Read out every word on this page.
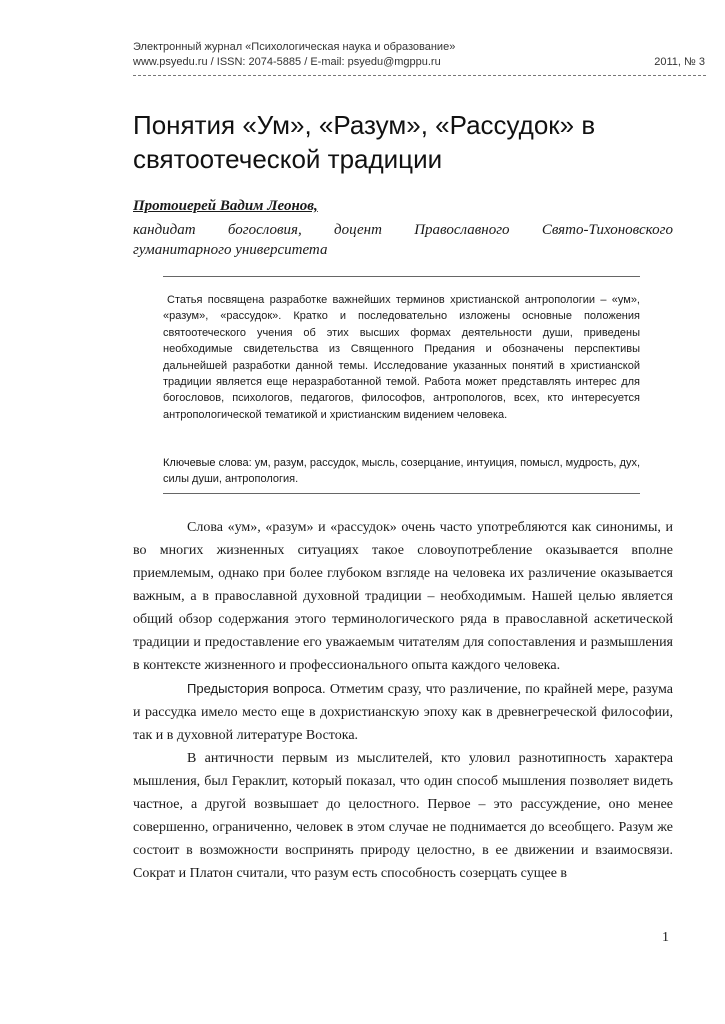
Электронный журнал «Психологическая наука и образование»
www.psyedu.ru / ISSN: 2074-5885 / E-mail: psyedu@mgppu.ru	2011, № 3
Понятия «Ум», «Разум», «Рассудок» в
святоотеческой традиции

Протоиерей Вадим Леонов,

кандидат богословия, доцент Православного Свято-Тихоновского
гуманитарного университета

Статья посвящена разработке важнейших терминов христианской антропологии – «ум», «разум», «рассудок». Кратко и последовательно изложены основные положения святоотеческого учения об этих высших формах деятельности души, приведены необходимые свидетельства из Священного Предания и обозначены перспективы дальнейшей разработки данной темы. Исследование указанных понятий в христианской традиции является еще неразработанной темой. Работа может представлять интерес для богословов, психологов, педагогов, философов, антропологов, всех, кто интересуется антропологической тематикой и христианским видением человека.

Ключевые слова: ум, разум, рассудок, мысль, созерцание, интуиция, помысл, мудрость, дух, силы души, антропология.

Слова «ум», «разум» и «рассудок» очень часто употребляются как синонимы, и во многих жизненных ситуациях такое словоупотребление оказывается вполне приемлемым, однако при более глубоком взгляде на человека их различение оказывается важным, а в православной духовной традиции – необходимым. Нашей целью является общий обзор содержания этого терминологического ряда в православной аскетической традиции и предоставление его уважаемым читателям для сопоставления и размышления в контексте жизненного и профессионального опыта каждого человека.

Предыстория вопроса. Отметим сразу, что различение, по крайней мере, разума и рассудка имело место еще в дохристианскую эпоху как в древнегреческой философии, так и в духовной литературе Востока.

В античности первым из мыслителей, кто уловил разнотипность характера мышления, был Гераклит, который показал, что один способ мышления позволяет видеть частное, а другой возвышает до целостного. Первое – это рассуждение, оно менее совершенно, ограниченно, человек в этом случае не поднимается до всеобщего. Разум же состоит в возможности воспринять природу целостно, в ее движении и взаимосвязи. Сократ и Платон считали, что разум есть способность созерцать сущее в

1
